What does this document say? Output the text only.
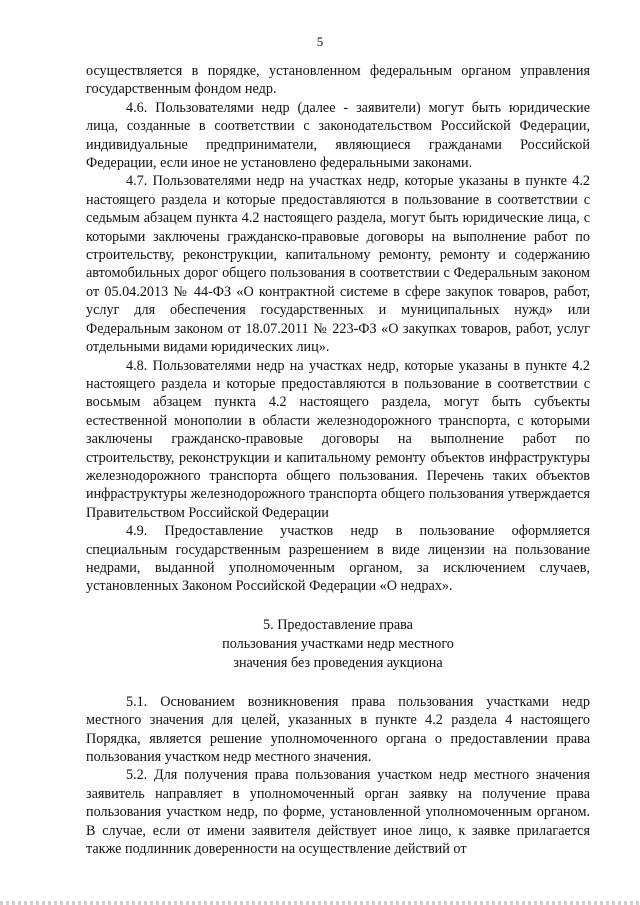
5

осуществляется в порядке, установленном федеральным органом управления государственным фондом недр.

4.6. Пользователями недр (далее - заявители) могут быть юридические лица, созданные в соответствии с законодательством Российской Федерации, индивидуальные предприниматели, являющиеся гражданами Российской Федерации, если иное не установлено федеральными законами.

4.7. Пользователями недр на участках недр, которые указаны в пункте 4.2 настоящего раздела и которые предоставляются в пользование в соответствии с седьмым абзацем пункта 4.2 настоящего раздела, могут быть юридические лица, с которыми заключены гражданско-правовые договоры на выполнение работ по строительству, реконструкции, капитальному ремонту, ремонту и содержанию автомобильных дорог общего пользования в соответствии с Федеральным законом от 05.04.2013 № 44-ФЗ «О контрактной системе в сфере закупок товаров, работ, услуг для обеспечения государственных и муниципальных нужд» или Федеральным законом от 18.07.2011 № 223-ФЗ «О закупках товаров, работ, услуг отдельными видами юридических лиц».

4.8. Пользователями недр на участках недр, которые указаны в пункте 4.2 настоящего раздела и которые предоставляются в пользование в соответствии с восьмым абзацем пункта 4.2 настоящего раздела, могут быть субъекты естественной монополии в области железнодорожного транспорта, с которыми заключены гражданско-правовые договоры на выполнение работ по строительству, реконструкции и капитальному ремонту объектов инфраструктуры железнодорожного транспорта общего пользования. Перечень таких объектов инфраструктуры железнодорожного транспорта общего пользования утверждается Правительством Российской Федерации

4.9. Предоставление участков недр в пользование оформляется специальным государственным разрешением в виде лицензии на пользование недрами, выданной уполномоченным органом, за исключением случаев, установленных Законом Российской Федерации «О недрах».

5. Предоставление права
пользования участками недр местного
значения без проведения аукциона

5.1. Основанием возникновения права пользования участками недр местного значения для целей, указанных в пункте 4.2 раздела 4 настоящего Порядка, является решение уполномоченного органа о предоставлении права пользования участком недр местного значения.

5.2. Для получения права пользования участком недр местного значения заявитель направляет в уполномоченный орган заявку на получение права пользования участком недр, по форме, установленной уполномоченным органом. В случае, если от имени заявителя действует иное лицо, к заявке прилагается также подлинник доверенности на осуществление действий от
